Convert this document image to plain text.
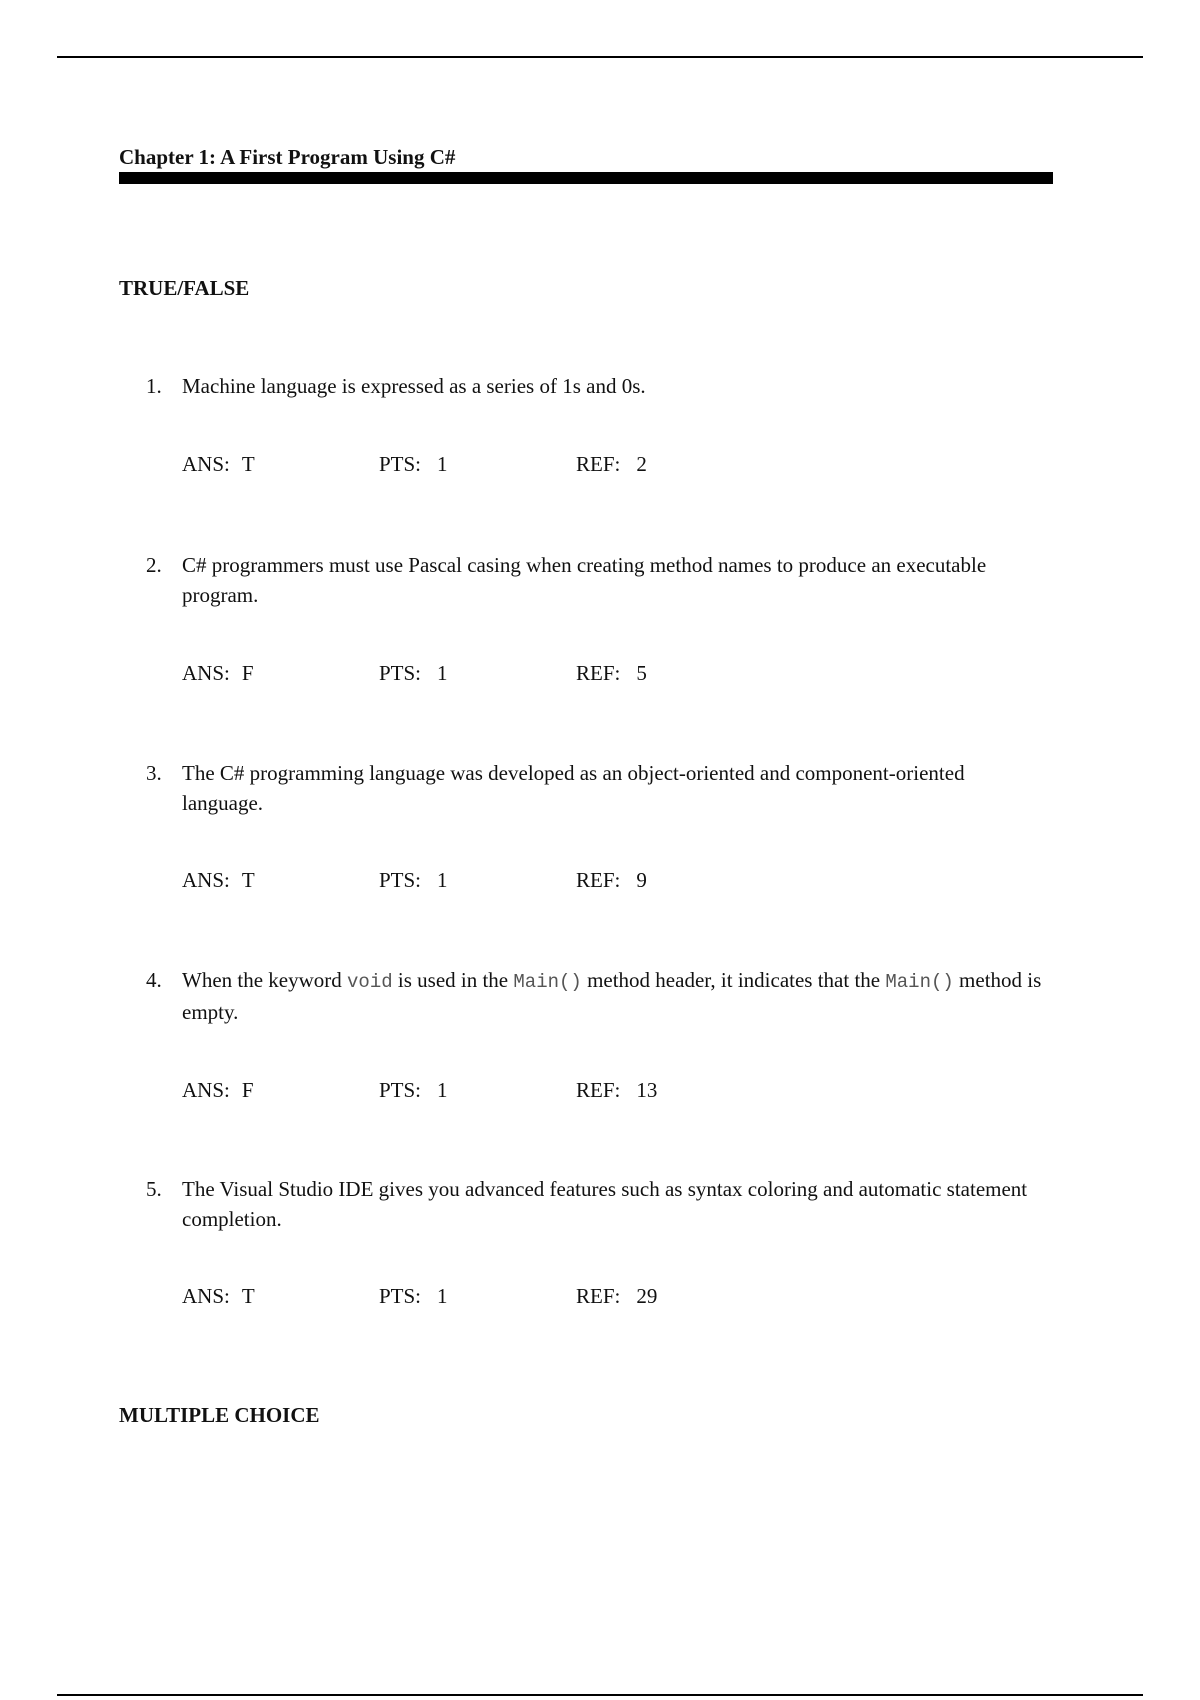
Chapter 1: A First Program Using C#
TRUE/FALSE
1. Machine language is expressed as a series of 1s and 0s.
ANS: T	PTS: 1	REF: 2
2. C# programmers must use Pascal casing when creating method names to produce an executable program.
ANS: F	PTS: 1	REF: 5
3. The C# programming language was developed as an object-oriented and component-oriented language.
ANS: T	PTS: 1	REF: 9
4. When the keyword void is used in the Main() method header, it indicates that the Main() method is empty.
ANS: F	PTS: 1	REF: 13
5. The Visual Studio IDE gives you advanced features such as syntax coloring and automatic statement completion.
ANS: T	PTS: 1	REF: 29
MULTIPLE CHOICE
